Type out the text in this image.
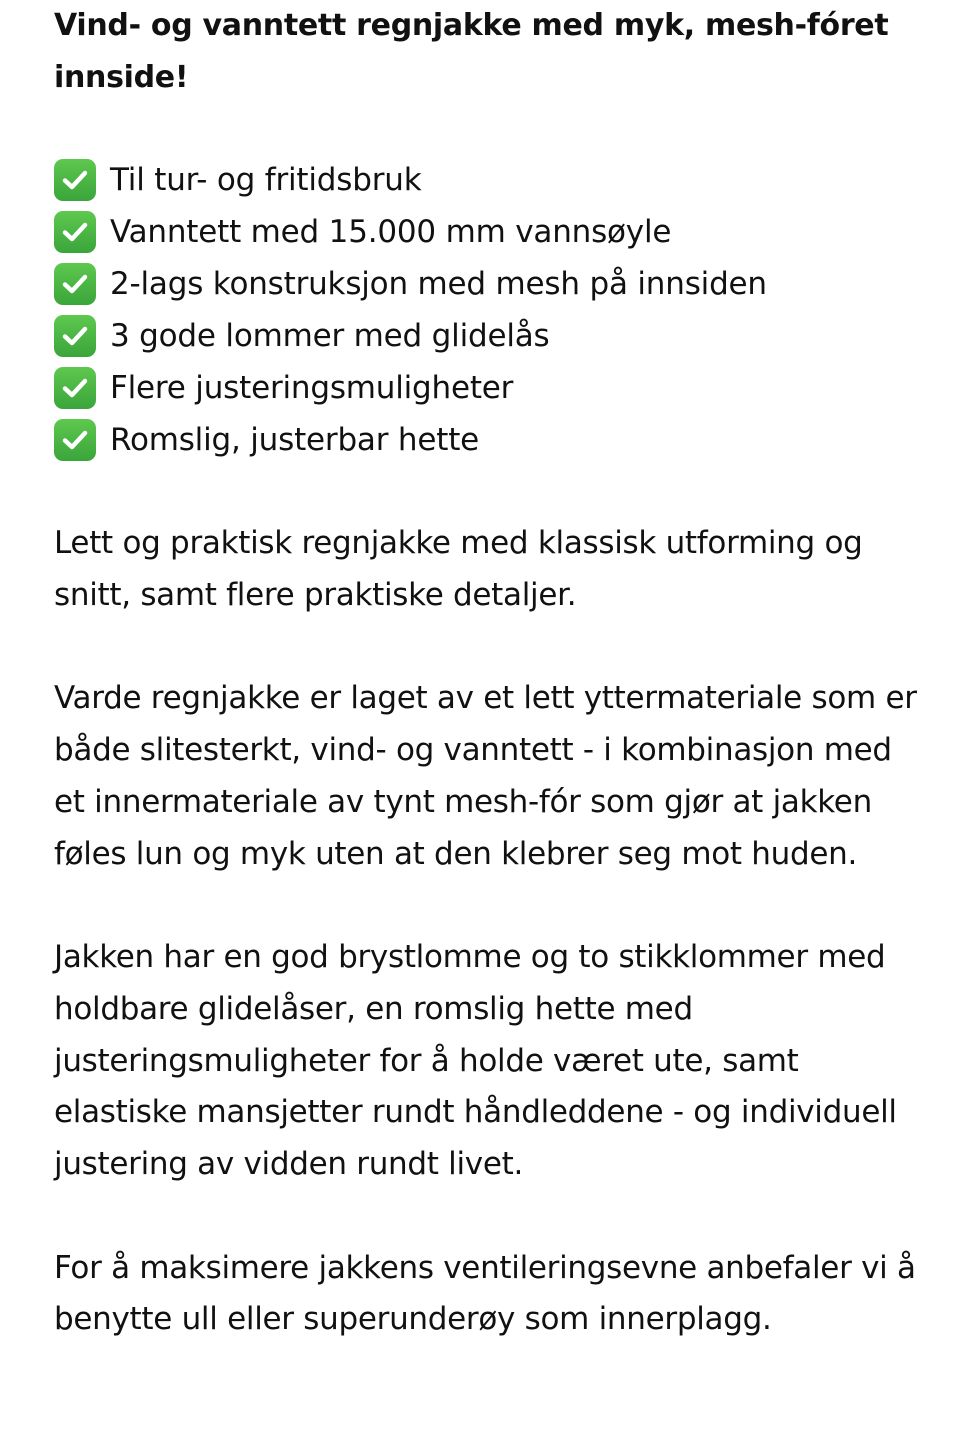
Vind- og vanntett regnjakke med myk, mesh-fóret innside!
Til tur- og fritidsbruk
Vanntett med 15.000 mm vannsøyle
2-lags konstruksjon med mesh på innsiden
3 gode lommer med glidelås
Flere justeringsmuligheter
Romslig, justerbar hette

Lett og praktisk regnjakke med klassisk utforming og snitt, samt flere praktiske detaljer.

Varde regnjakke er laget av et lett yttermateriale som er både slitesterkt, vind- og vanntett - i kombinasjon med et innermateriale av tynt mesh-fór som gjør at jakken føles lun og myk uten at den klebrer seg mot huden.

Jakken har en god brystlomme og to stikklommer med holdbare glidelåser, en romslig hette med justeringsmuligheter for å holde været ute, samt elastiske mansjetter rundt håndleddene - og individuell justering av vidden rundt livet.

For å maksimere jakkens ventileringsevne anbefaler vi å benytte ull eller superunderøy som innerplagg.
